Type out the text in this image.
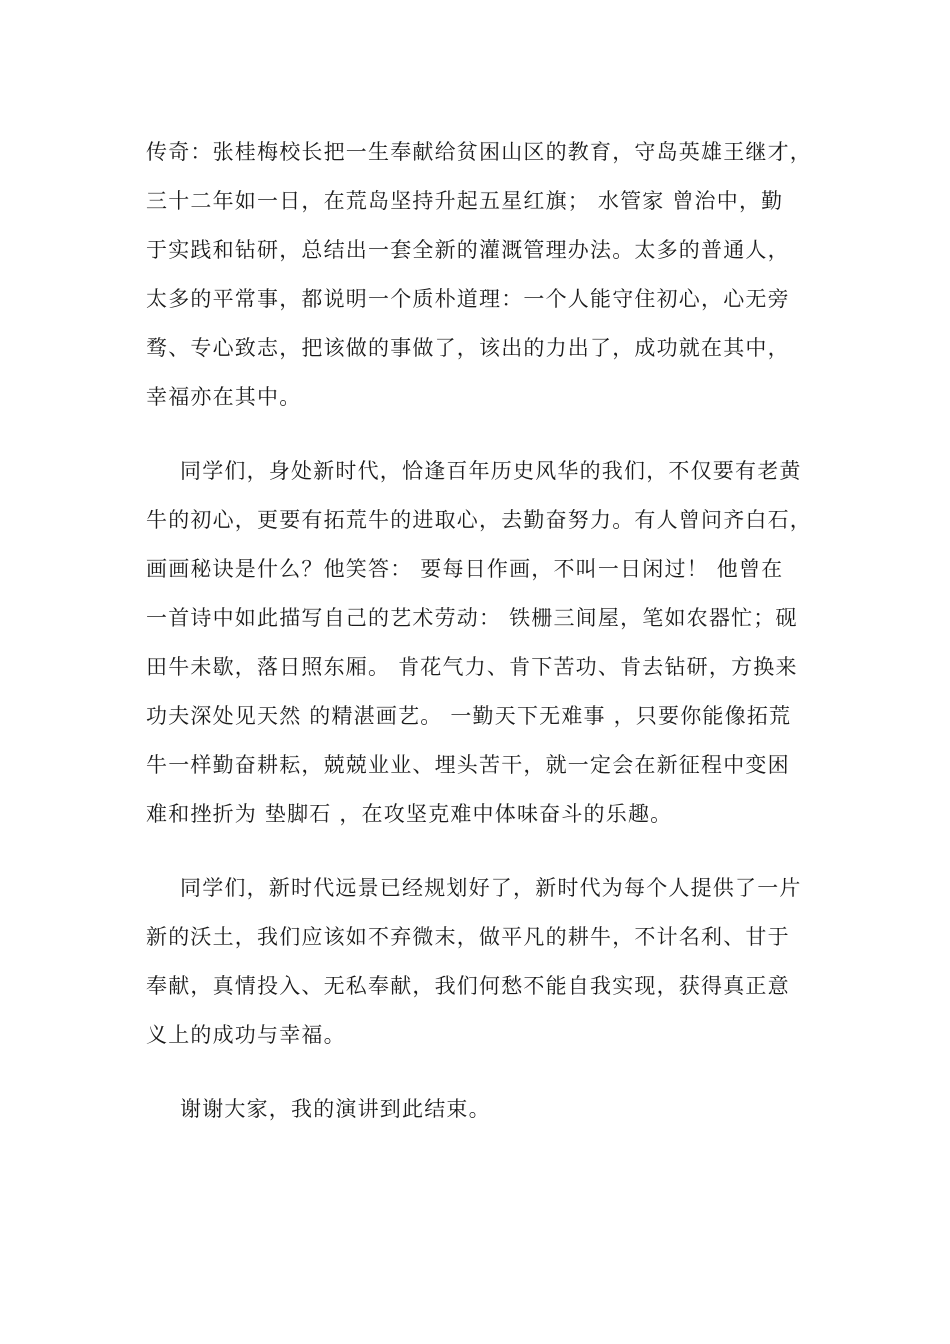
传奇：张桂梅校长把一生奉献给贫困山区的教育，守岛英雄王继才，
三十二年如一日，在荒岛坚持升起五星红旗； 水管家 曾治中，勤
于实践和钻研，总结出一套全新的灌溉管理办法。太多的普通人，
太多的平常事，都说明一个质朴道理：一个人能守住初心，心无旁
骛、专心致志，把该做的事做了，该出的力出了，成功就在其中，
幸福亦在其中。
同学们，身处新时代，恰逢百年历史风华的我们，不仅要有老黄
牛的初心，更要有拓荒牛的进取心，去勤奋努力。有人曾问齐白石，
画画秘诀是什么？他笑答： 要每日作画，不叫一日闲过！ 他曾在
一首诗中如此描写自己的艺术劳动： 铁栅三间屋，笔如农器忙；砚
田牛未歇，落日照东厢。 肯花气力、肯下苦功、肯去钻研，方换来
功夫深处见天然 的精湛画艺。 一勤天下无难事 ，只要你能像拓荒
牛一样勤奋耕耘，兢兢业业、埋头苦干，就一定会在新征程中变困
难和挫折为 垫脚石 ，在攻坚克难中体味奋斗的乐趣。
同学们，新时代远景已经规划好了，新时代为每个人提供了一片
新的沃土，我们应该如不弃微末，做平凡的耕牛，不计名利、甘于
奉献，真情投入、无私奉献，我们何愁不能自我实现，获得真正意
义上的成功与幸福。
谢谢大家，我的演讲到此结束。
